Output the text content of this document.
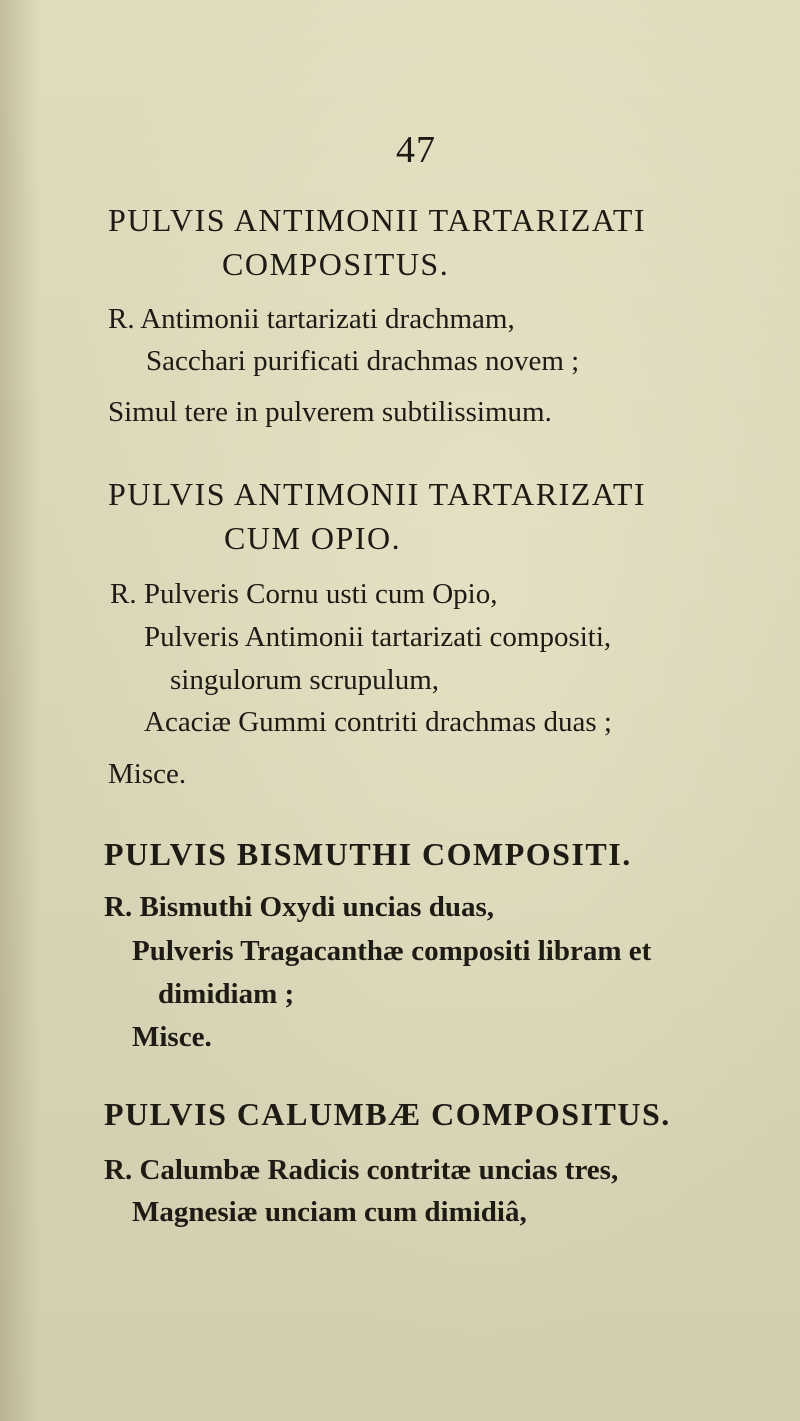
47
PULVIS ANTIMONII TARTARIZATI
COMPOSITUS.
R. Antimonii tartarizati drachmam,
Sacchari purificati drachmas novem ;
Simul tere in pulverem subtilissimum.
PULVIS ANTIMONII TARTARIZATI
CUM OPIO.
R. Pulveris Cornu usti cum Opio,
Pulveris Antimonii tartarizati compositi,
singulorum scrupulum,
Acaciæ Gummi contriti drachmas duas ;
Misce.
PULVIS BISMUTHI COMPOSITI.
R. Bismuthi Oxydi uncias duas,
Pulveris Tragacanthæ compositi libram et
dimidiam ;
Misce.
PULVIS CALUMBÆ COMPOSITUS.
R. Calumbæ Radicis contritæ uncias tres,
Magnesiæ unciam cum dimidiâ,
